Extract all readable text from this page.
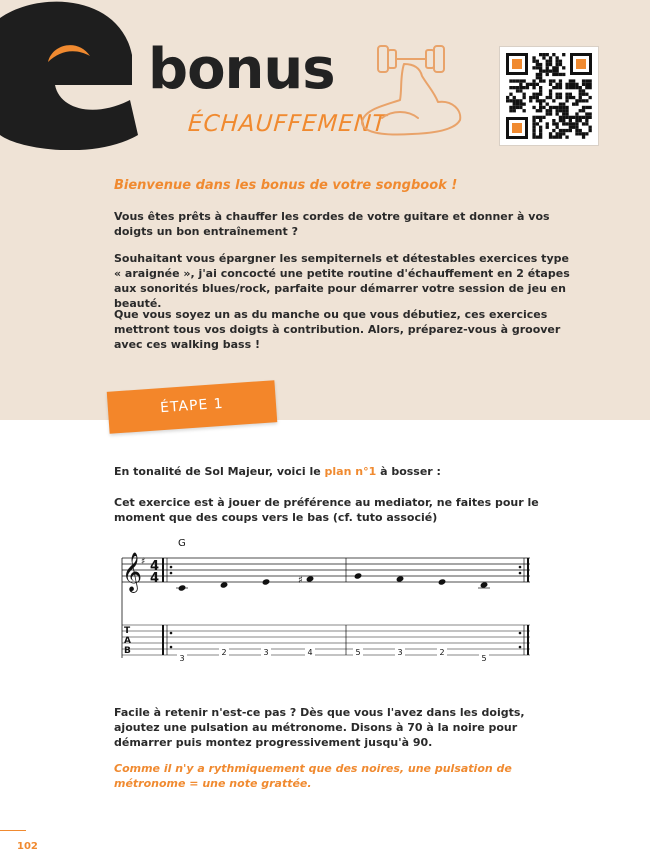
bonus
ÉCHAUFFEMENT
Bienvenue dans les bonus de votre songbook !
Vous êtes prêts à chauffer les cordes de votre guitare et donner à vos doigts un bon entraînement ?
Souhaitant vous épargner les sempiternels et détestables exercices type « araignée », j'ai concocté une petite routine d'échauffement en 2 étapes aux sonorités blues/rock, parfaite pour démarrer votre session de jeu en beauté.
Que vous soyez un as du manche ou que vous débutiez, ces exercices mettront tous vos doigts à contribution. Alors, préparez-vous à groover avec ces walking bass !
ÉTAPE 1
En tonalité de Sol Majeur, voici le plan n°1 à bosser :
Cet exercice est à jouer de préférence au mediator, ne faites pour le moment que des coups vers le bas (cf. tuto associé)
G
𝄞
♯ 4
4	♯
T
A
B
3
2	3	4	5	3	2
5
Facile à retenir n'est-ce pas ? Dès que vous l'avez dans les doigts, ajoutez une pulsation au métronome. Disons à 70 à la noire pour démarrer puis montez progressivement jusqu'à 90.
Comme il n'y a rythmiquement que des noires, une pulsation de métronome = une note grattée.
102
